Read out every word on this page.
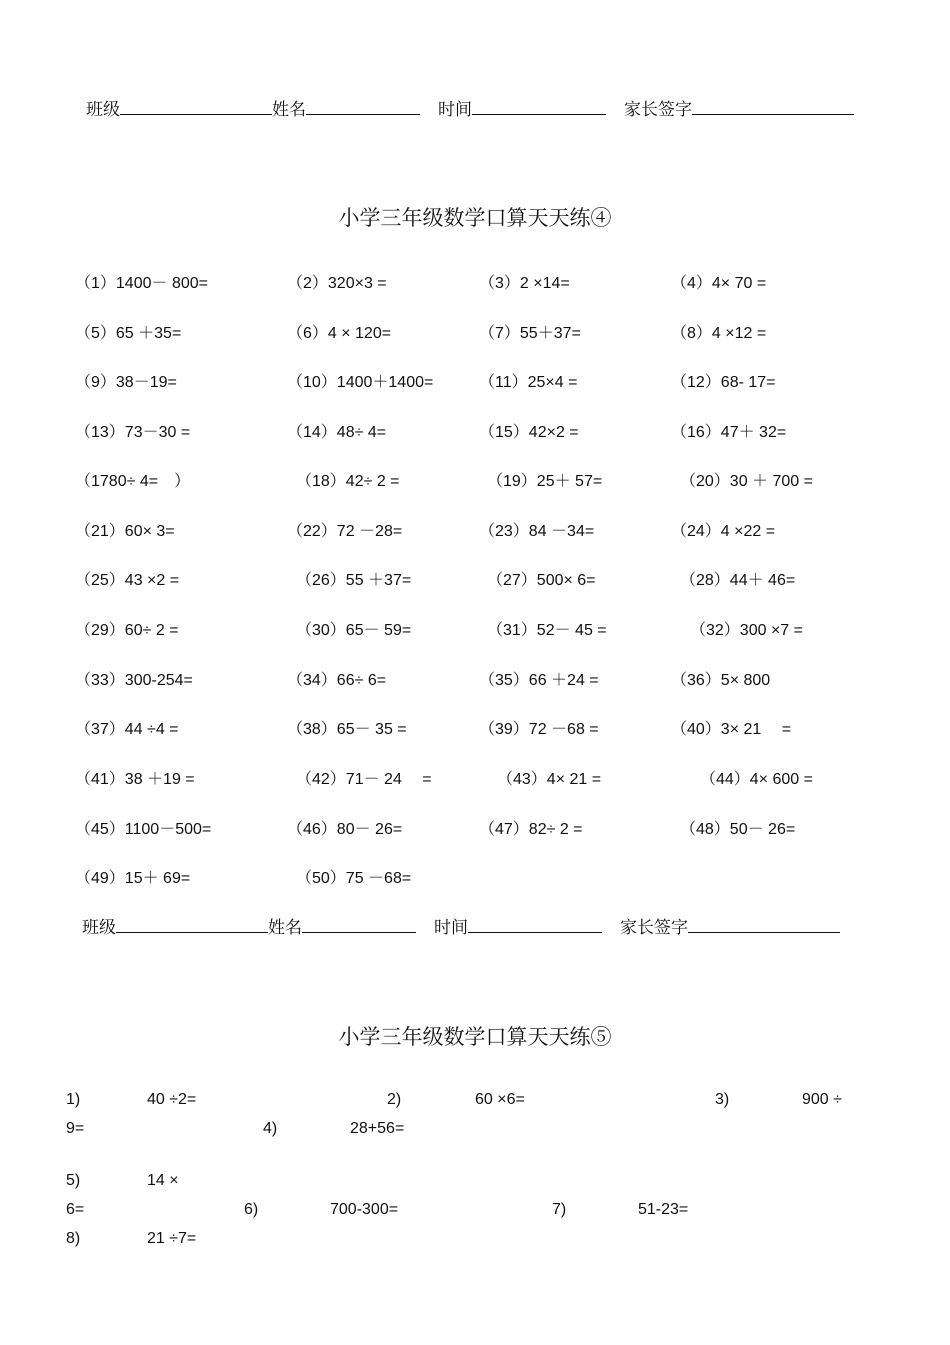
班级	姓名	时间	家长签字
小学三年级数学口算天天练④
（1）1400－ 800=	（2）320×3 =	（3）2 ×14=	（4）4× 70 =
（5）65 ＋35=	（6）4 × 120=	（7）55＋37=	（8）4 ×12 =
（9）38－19=	（10）1400＋1400=	（11）25×4 =	（12）68- 17=
（13）73－30 =	（14）48÷ 4=	（15）42×2 =	（16）47＋ 32=
（1780÷ 4=　）	（18）42÷ 2 =	（19）25＋ 57=	（20）30 ＋ 700 =
（21）60× 3=	（22）72 －28=	（23）84 －34=	（24）4 ×22 =
（25）43 ×2 =	（26）55 ＋37=	（27）500× 6=	（28）44＋ 46=
（29）60÷ 2 =	（30）65－ 59=	（31）52－ 45 =	（32）300 ×7 =
（33）300-254=	（34）66÷ 6=	（35）66 ＋24 =	（36）5× 800
（37）44 ÷4 =	（38）65－ 35 =	（39）72 －68 =	（40）3× 21　 =
（41）38 ＋19 =	（42）71－ 24　 =	（43）4× 21 =	（44）4× 600 =
（45）1100－500=	（46）80－ 26=	（47）82÷ 2 =	（48）50－ 26=
（49）15＋ 69=	（50）75 －68=
班级	姓名	时间	家长签字
小学三年级数学口算天天练⑤
1)	40 ÷2=	2)	60 ×6=	3)	900 ÷
9=	4)	28+56=
5)	14 ×
6=	6)	700-300=	7)	51-23=
8)	21 ÷7=
